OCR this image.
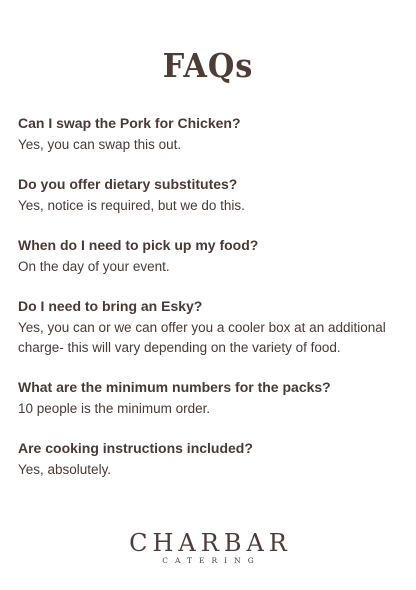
FAQs
Can I swap the Pork for Chicken?
Yes, you can swap this out.
Do you offer dietary substitutes?
Yes, notice is required, but we do this.
When do I need to pick up my food?
On the day of your event.
Do I need to bring an Esky?
Yes, you can or we can offer you a cooler box at an additional charge- this will vary depending on the variety of food.
What are the minimum numbers for the packs?
10 people is the minimum order.
Are cooking instructions included?
Yes, absolutely.
CHARBAR
CATERING
